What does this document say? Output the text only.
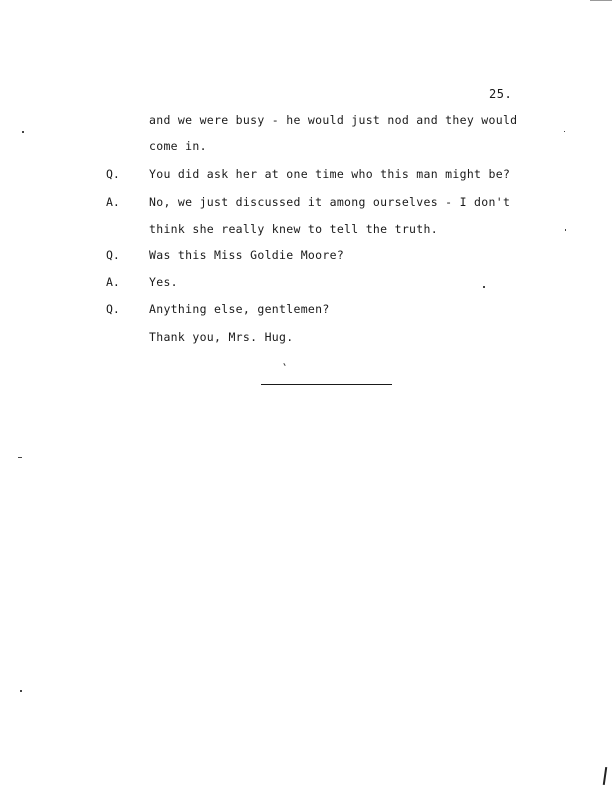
25.
and we were busy - he would just nod and they would
come in.
Q.	You did ask her at one time who this man might be?
A.	No, we just discussed it among ourselves - I don't
think she really knew to tell the truth.
Q.	Was this Miss Goldie Moore?
A.	Yes.
Q.	Anything else, gentlemen?
Thank you, Mrs. Hug.
